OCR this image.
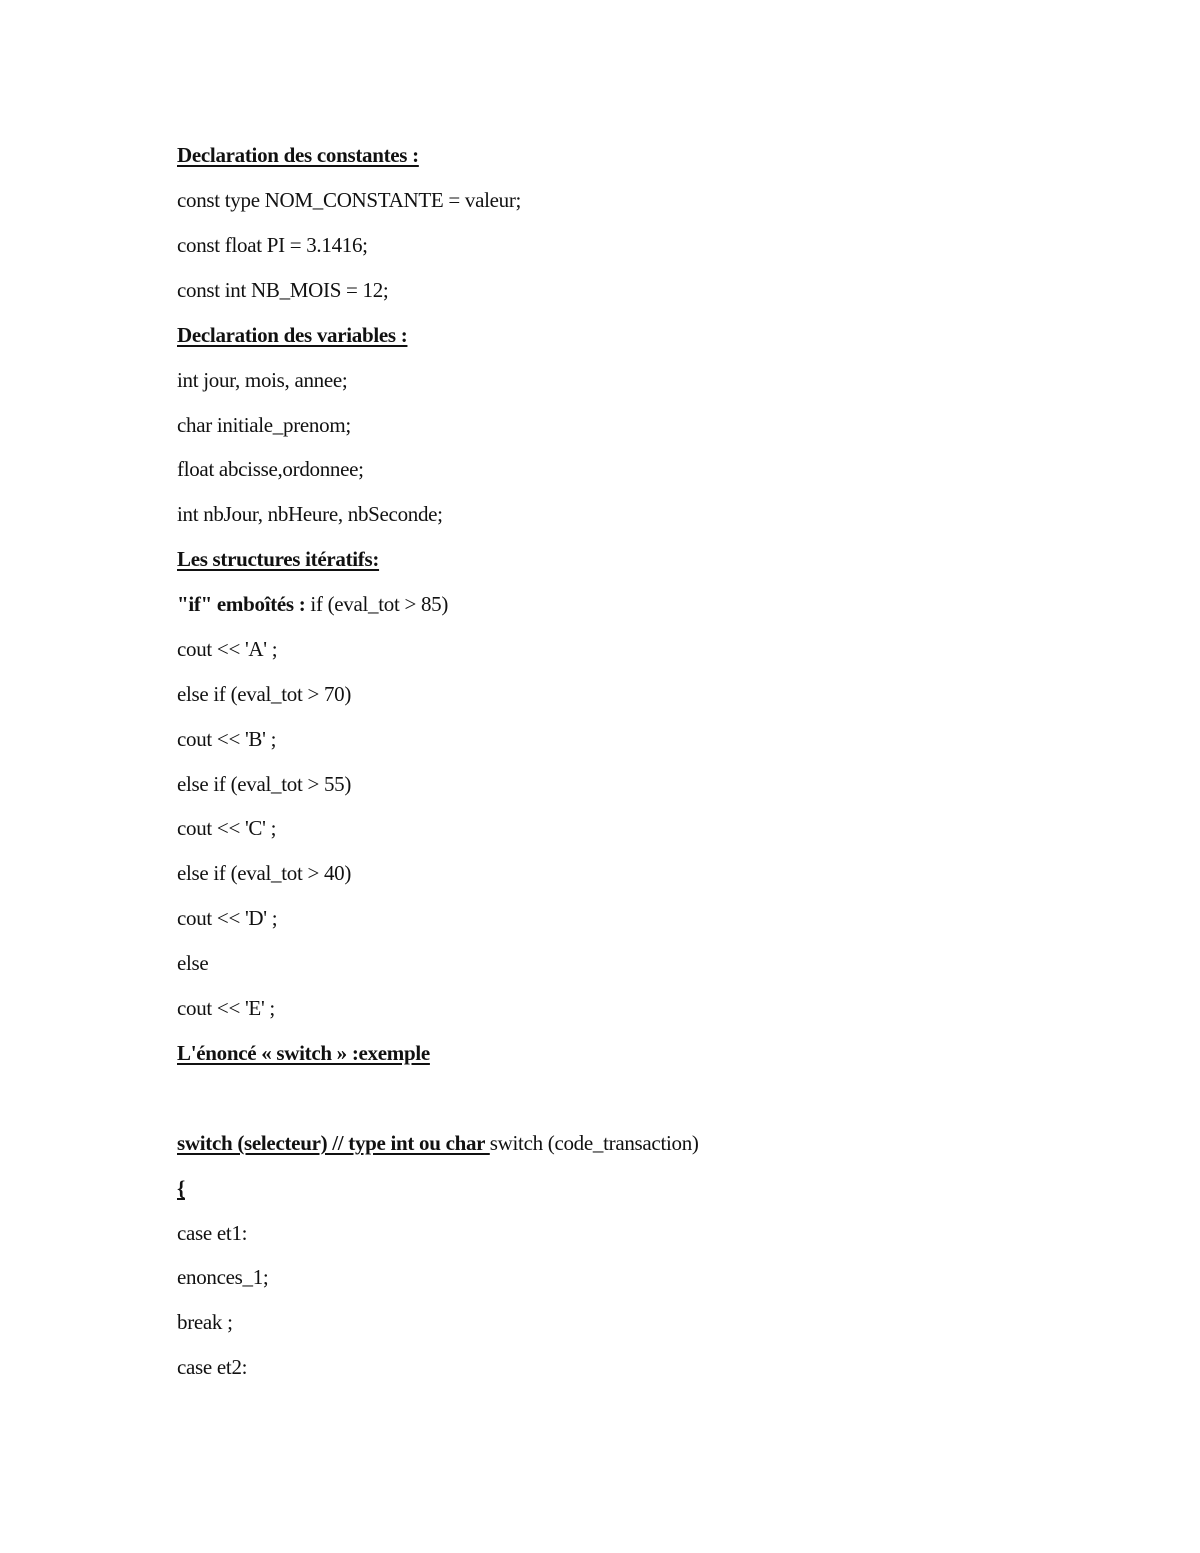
Declaration des constantes :
const type NOM_CONSTANTE = valeur;
const float PI = 3.1416;
const int NB_MOIS = 12;
Declaration des variables :
int jour, mois, annee;
char initiale_prenom;
float abcisse,ordonnee;
int nbJour, nbHeure, nbSeconde;
Les structures itératifs:
"if" emboîtés : if (eval_tot > 85)
cout << 'A' ;
else if (eval_tot > 70)
cout << 'B' ;
else if (eval_tot > 55)
cout << 'C' ;
else if (eval_tot > 40)
cout << 'D' ;
else
cout << 'E' ;
L'énoncé « switch » :exemple
switch (selecteur) // type int ou char switch (code_transaction)
{
case et1:
enonces_1;
break ;
case et2:
